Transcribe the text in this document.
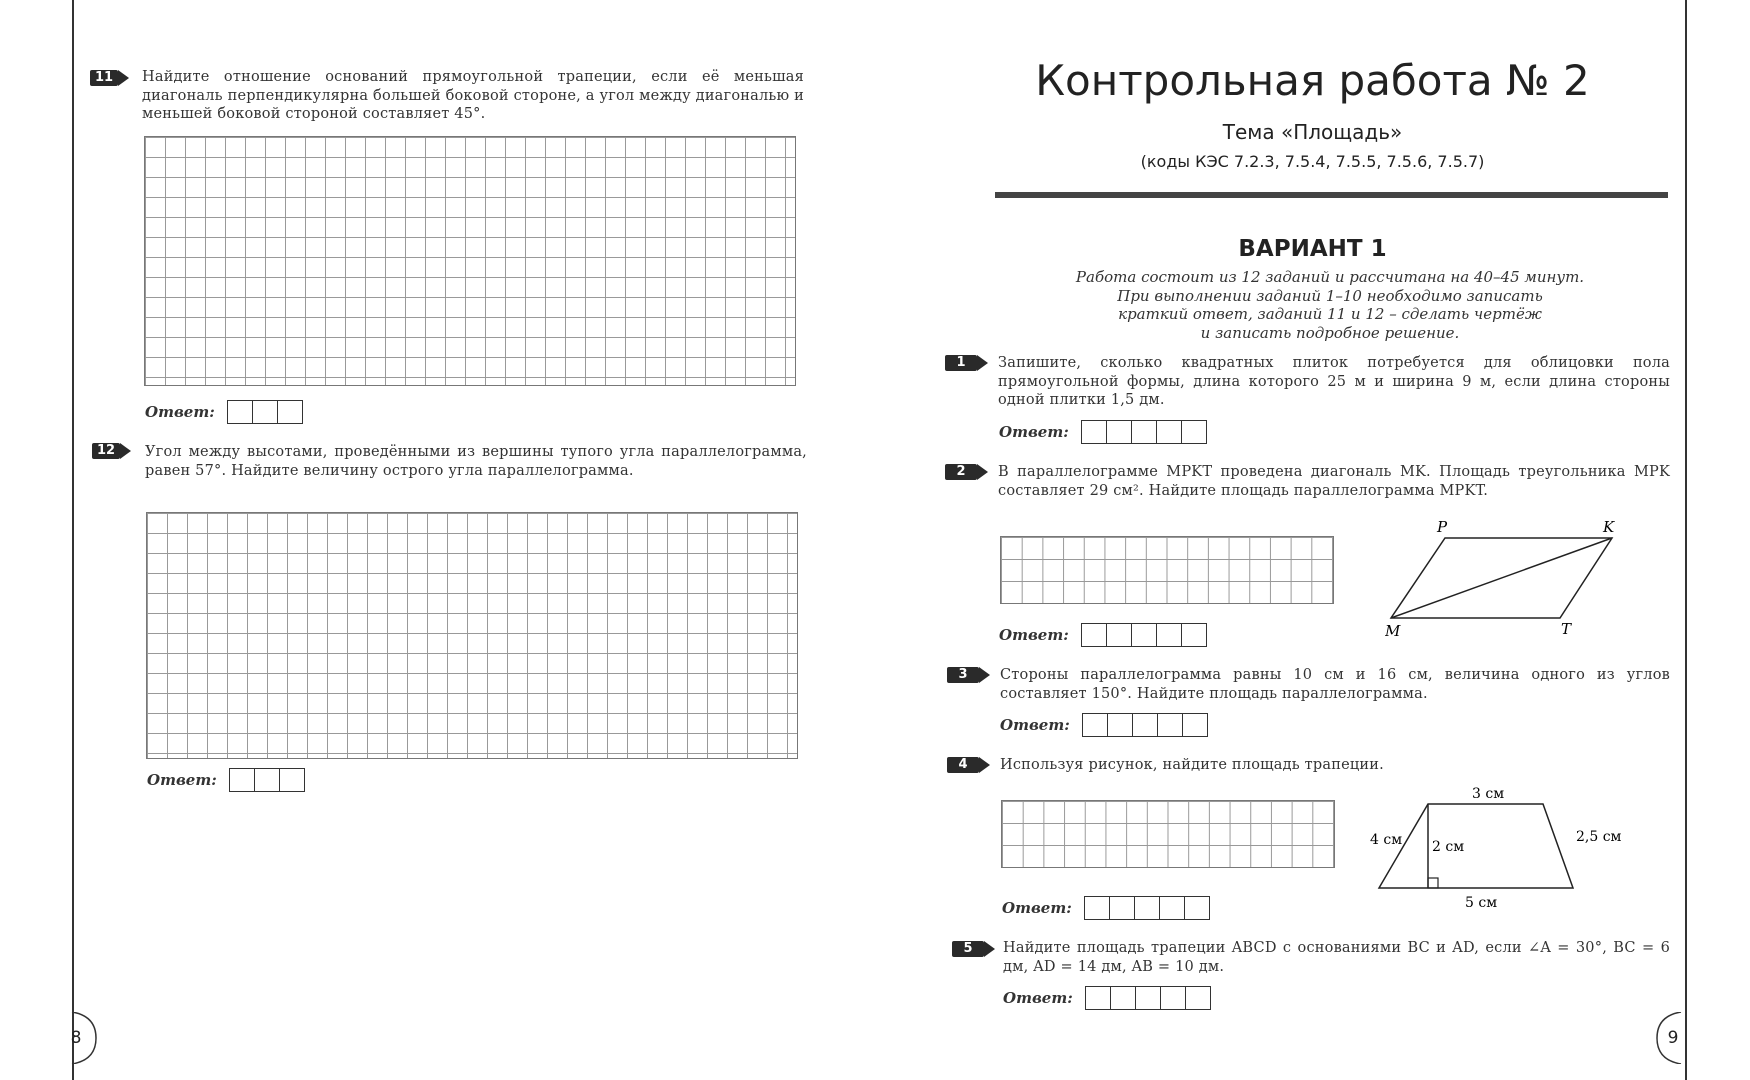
11	Найдите отношение оснований прямоугольной трапеции, если её меньшая диагональ перпендикулярна большей боковой стороне, а угол между диагональю и меньшей боковой стороной составляет 45°.
Ответ:
12	Угол между высотами, проведёнными из вершины тупого угла параллелограмма, равен 57°. Найдите величину острого угла параллелограмма.
Ответ:
8
Контрольная работа № 2
Тема «Площадь»
(коды КЭС 7.2.3, 7.5.4, 7.5.5, 7.5.6, 7.5.7)
ВАРИАНТ 1
Работа состоит из 12 заданий и рассчитана на 40–45 минут.
При выполнении заданий 1–10 необходимо записать
краткий ответ, заданий 11 и 12 – сделать чертёж
и записать подробное решение.
1	Запишите, сколько квадратных плиток потребуется для облицовки пола прямоугольной формы, длина которого 25 м и ширина 9 м, если длина стороны одной плитки 1,5 дм.
Ответ:
2	В параллелограмме MPKT проведена диагональ MK. Площадь треугольника MPK составляет 29 см². Найдите площадь параллелограмма MPKT.
P	K
M	T
Ответ:
3	Стороны параллелограмма равны 10 см и 16 см, величина одного из углов составляет 150°. Найдите площадь параллелограмма.
Ответ:
4	Используя рисунок, найдите площадь трапеции.
3 см
4 см 2 см
2,5 см
5 см
Ответ:
5	Найдите площадь трапеции ABCD с основаниями BC и AD, если ∠A = 30°, BC = 6 дм, AD = 14 дм, AB = 10 дм.
Ответ:
9
